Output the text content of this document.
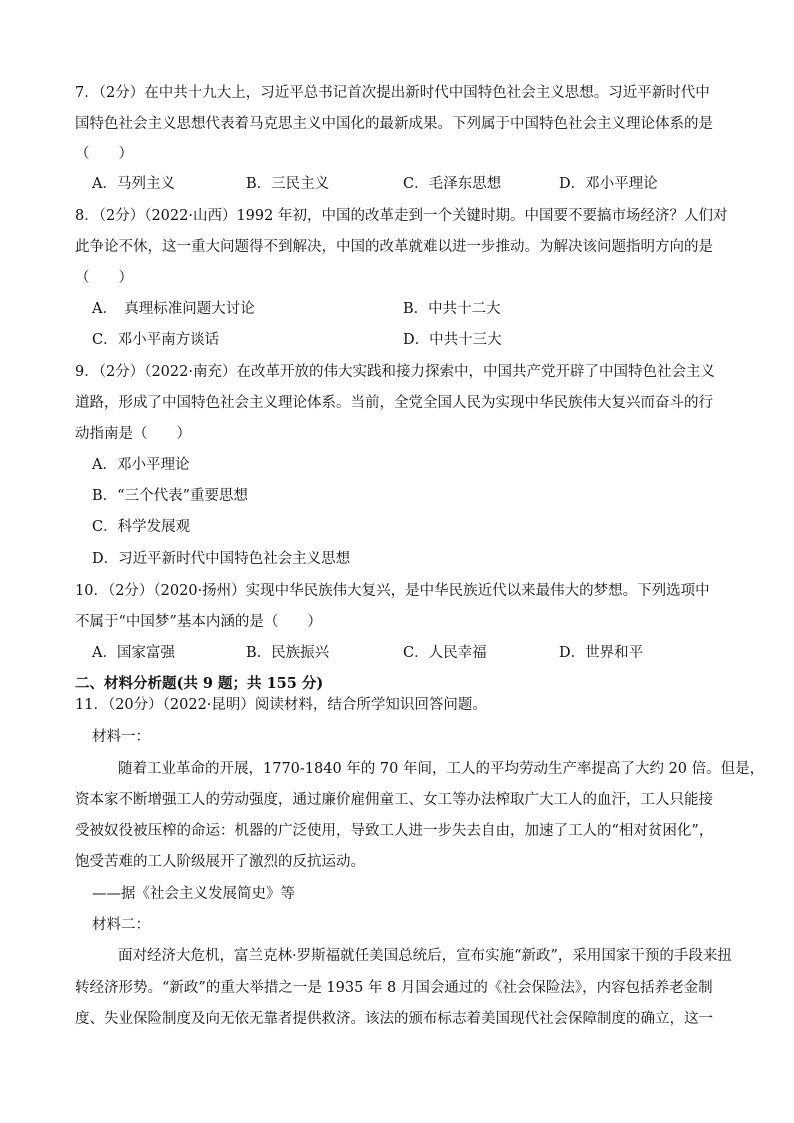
7．（2分）在中共十九大上，习近平总书记首次提出新时代中国特色社会主义思想。习近平新时代中
国特色社会主义思想代表着马克思主义中国化的最新成果。下列属于中国特色社会主义理论体系的是
（　　）
A．马列主义	B．三民主义	C．毛泽东思想	D．邓小平理论
8．（2分）（2022·山西）1992 年初，中国的改革走到一个关键时期。中国要不要搞市场经济？人们对
此争论不休，这一重大问题得不到解决，中国的改革就难以进一步推动。为解决该问题指明方向的是
（　　）
A．　真理标准问题大讨论	B．中共十二大
C．邓小平南方谈话	D．中共十三大
9．（2分）（2022·南充）在改革开放的伟大实践和接力探索中，中国共产党开辟了中国特色社会主义
道路，形成了中国特色社会主义理论体系。当前，全党全国人民为实现中华民族伟大复兴而奋斗的行
动指南是（　　）
A．邓小平理论
B．“三个代表”重要思想
C．科学发展观
D．习近平新时代中国特色社会主义思想
10．（2分）（2020·扬州）实现中华民族伟大复兴，是中华民族近代以来最伟大的梦想。下列选项中
不属于“中国梦”基本内涵的是（　　）
A．国家富强	B．民族振兴	C．人民幸福	D．世界和平
二、材料分析题(共 9 题；共 155 分)
11．（20分）（2022·昆明）阅读材料，结合所学知识回答问题。
材料一：
随着工业革命的开展，1770-1840 年的 70 年间，工人的平均劳动生产率提高了大约 20 倍。但是，
资本家不断增强工人的劳动强度，通过廉价雇佣童工、女工等办法榨取广大工人的血汗，工人只能接
受被奴役被压榨的命运：机器的广泛使用，导致工人进一步失去自由，加速了工人的“相对贫困化”，
饱受苦难的工人阶级展开了激烈的反抗运动。
——据《社会主义发展简史》等
材料二：
面对经济大危机，富兰克林·罗斯福就任美国总统后，宣布实施“新政”，采用国家干预的手段来扭
转经济形势。“新政”的重大举措之一是 1935 年 8 月国会通过的《社会保险法》，内容包括养老金制
度、失业保险制度及向无依无靠者提供救济。该法的颁布标志着美国现代社会保障制度的确立，这一
